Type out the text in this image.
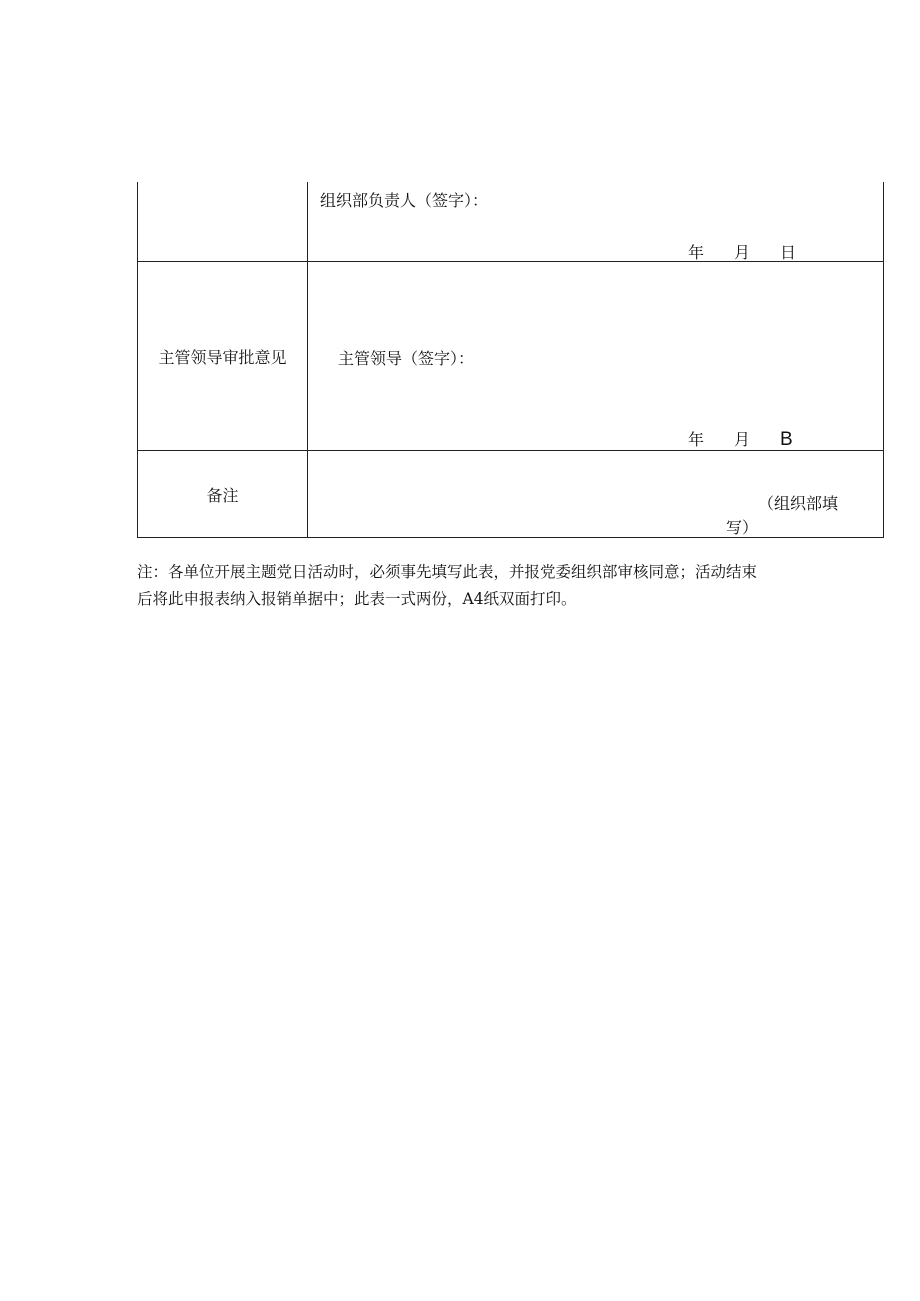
组织部负责人（签字）：
年 月 日
主管领导审批意见	主管领导（签字）：
年 月 B
备注	（组织部填
写）

注：各单位开展主题党日活动时，必须事先填写此表，并报党委组织部审核同意；活动结束

后将此申报表纳入报销单据中；此表一式两份，A4纸双面打印。
